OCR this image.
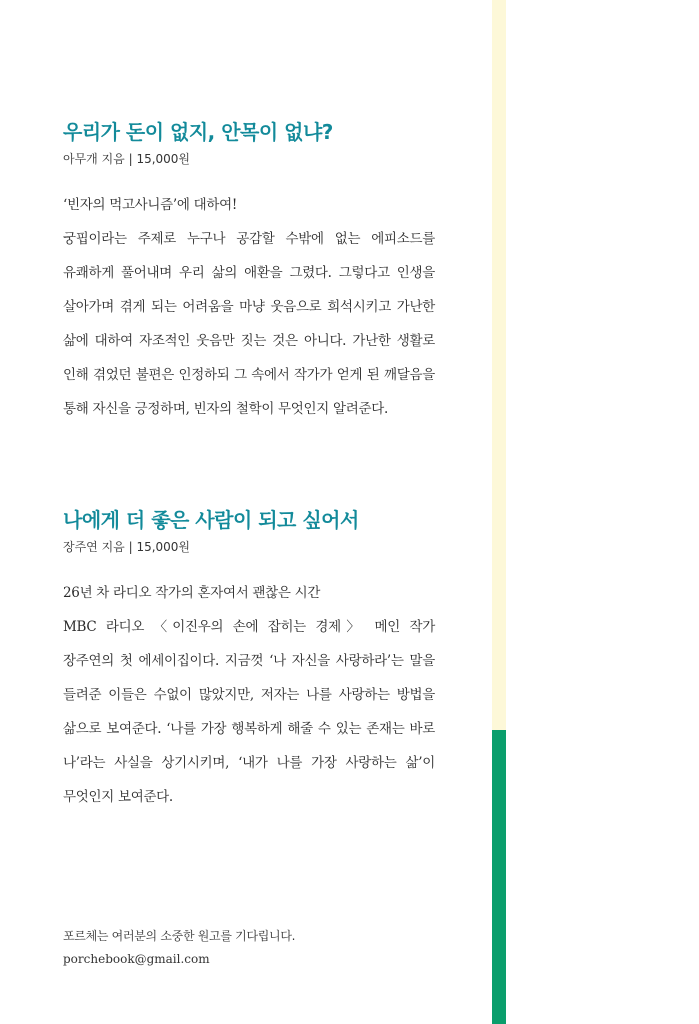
우리가 돈이 없지, 안목이 없냐?
아무개 지음 | 15,000원
‘빈자의 먹고사니즘’에 대하여!
궁핍이라는 주제로 누구나 공감할 수밖에 없는 에피소드를 유쾌하게 풀어내며 우리 삶의 애환을 그렸다. 그렇다고 인생을 살아가며 겪게 되는 어려움을 마냥 웃음으로 희석시키고 가난한 삶에 대하여 자조적인 웃음만 짓는 것은 아니다. 가난한 생활로 인해 겪었던 불편은 인정하되 그 속에서 작가가 얻게 된 깨달음을 통해 자신을 긍정하며, 빈자의 철학이 무엇인지 알려준다.
나에게 더 좋은 사람이 되고 싶어서
장주연 지음 | 15,000원
26년 차 라디오 작가의 혼자여서 괜찮은 시간
MBC 라디오 〈이진우의 손에 잡히는 경제〉 메인 작가 장주연의 첫 에세이집이다. 지금껏 ‘나 자신을 사랑하라’는 말을 들려준 이들은 수없이 많았지만, 저자는 나를 사랑하는 방법을 삶으로 보여준다. ‘나를 가장 행복하게 해줄 수 있는 존재는 바로 나’라는 사실을 상기시키며, ‘내가 나를 가장 사랑하는 삶’이 무엇인지 보여준다.
포르체는 여러분의 소중한 원고를 기다립니다.
porchebook@gmail.com
